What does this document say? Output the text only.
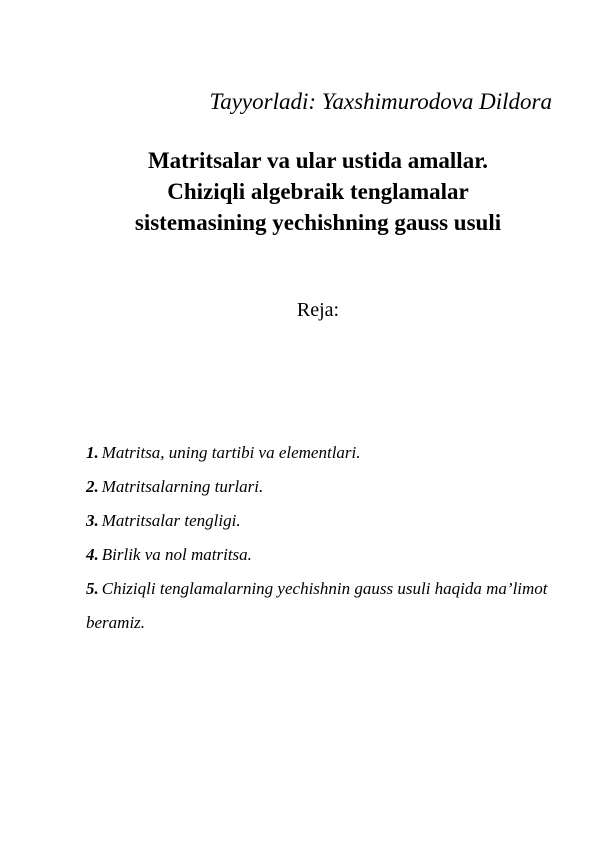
Tayyorladi: Yaxshimurodova Dildora
Matritsalar va ular ustida amallar.
Chiziqli algebraik tenglamalar
sistemasining yechishning gauss usuli
Reja:
1. Matritsa, uning tartibi va elementlari.
2. Matritsalarning turlari.
3. Matritsalar tengligi.
4. Birlik va nol matritsa.
5. Chiziqli tenglamalarning yechishnin gauss usuli haqida ma’limot beramiz.
